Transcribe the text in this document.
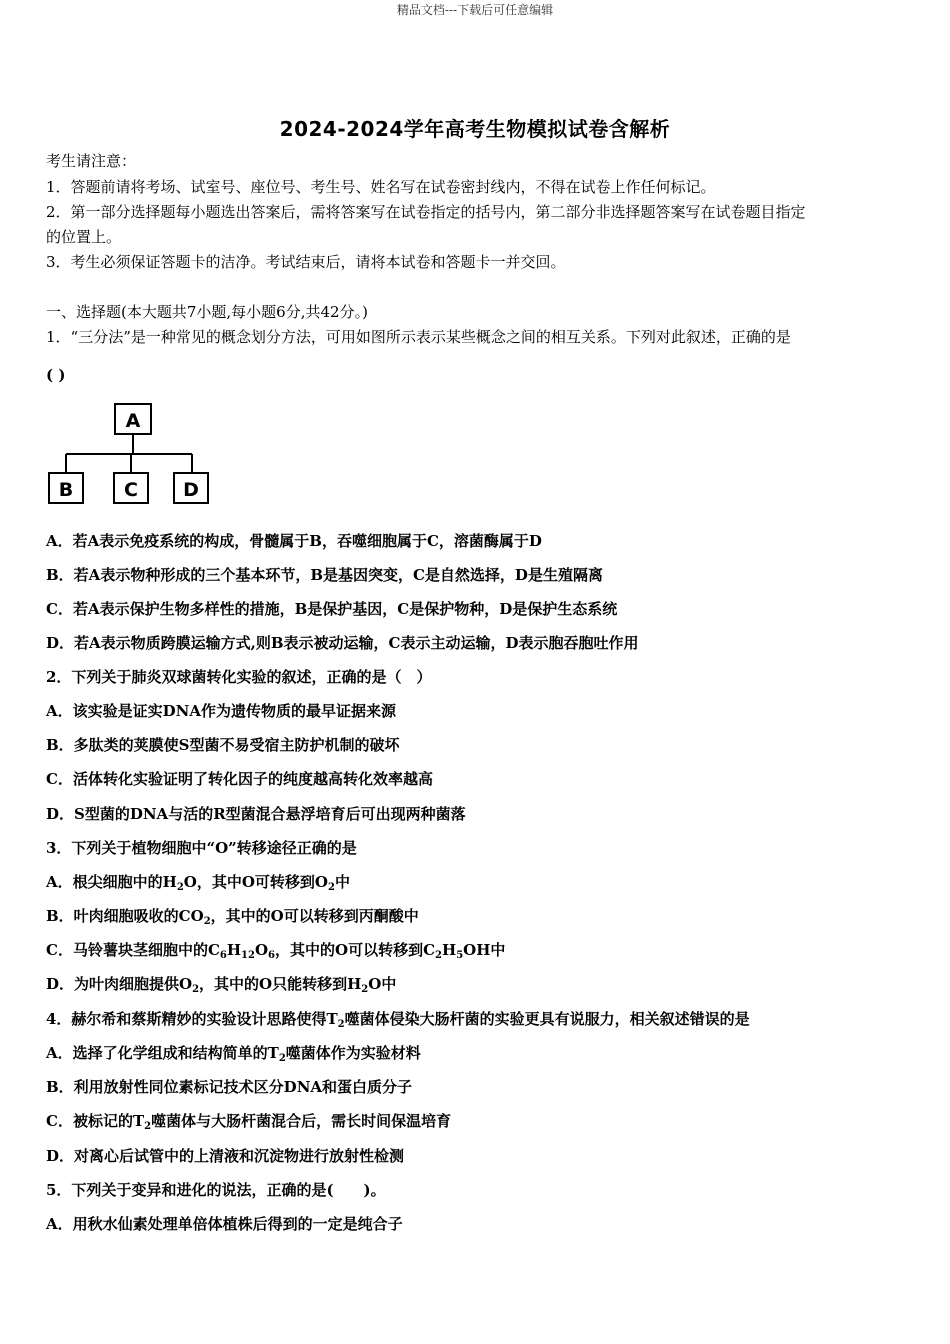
精品文档---下载后可任意编辑
2024-2024学年高考生物模拟试卷含解析
考生请注意：
1．答题前请将考场、试室号、座位号、考生号、姓名写在试卷密封线内，不得在试卷上作任何标记。
2．第一部分选择题每小题选出答案后，需将答案写在试卷指定的括号内，第二部分非选择题答案写在试卷题目指定
的位置上。
3．考生必须保证答题卡的洁净。考试结束后，请将本试卷和答题卡一并交回。
一、选择题(本大题共7小题,每小题6分,共42分。)
1．“三分法”是一种常见的概念划分方法，可用如图所示表示某些概念之间的相互关系。下列对此叙述，正确的是
( )
A
B	C D
A．若A表示免疫系统的构成，骨髓属于B，吞噬细胞属于C，溶菌酶属于D
B．若A表示物种形成的三个基本环节，B是基因突变，C是自然选择，D是生殖隔离
C．若A表示保护生物多样性的措施，B是保护基因，C是保护物种，D是保护生态系统
D．若A表示物质跨膜运输方式,则B表示被动运输，C表示主动运输，D表示胞吞胞吐作用
2．下列关于肺炎双球菌转化实验的叙述，正确的是（　）
A．该实验是证实DNA作为遗传物质的最早证据来源
B．多肽类的荚膜使S型菌不易受宿主防护机制的破坏
C．活体转化实验证明了转化因子的纯度越高转化效率越高
D．S型菌的DNA与活的R型菌混合悬浮培育后可出现两种菌落
3．下列关于植物细胞中“O”转移途径正确的是
A．根尖细胞中的$H_2O$，其中O可转移到$O_2$中
B．叶肉细胞吸收的$CO_2$，其中的O可以转移到丙酮酸中
C．马铃薯块茎细胞中的$C_6H_{12}O_6$，其中的O可以转移到$C_2H_5OH$中
D．为叶肉细胞提供$O_2$，其中的O只能转移到$H_2O$中
4．赫尔希和蔡斯精妙的实验设计思路使得$T_2$噬菌体侵染大肠杆菌的实验更具有说服力，相关叙述错误的是
A．选择了化学组成和结构简单的$T_2$噬菌体作为实验材料
B．利用放射性同位素标记技术区分DNA和蛋白质分子
C．被标记的$T_2$噬菌体与大肠杆菌混合后，需长时间保温培育
D．对离心后试管中的上清液和沉淀物进行放射性检测
5．下列关于变异和进化的说法，正确的是(　　)。
A．用秋水仙素处理单倍体植株后得到的一定是纯合子
